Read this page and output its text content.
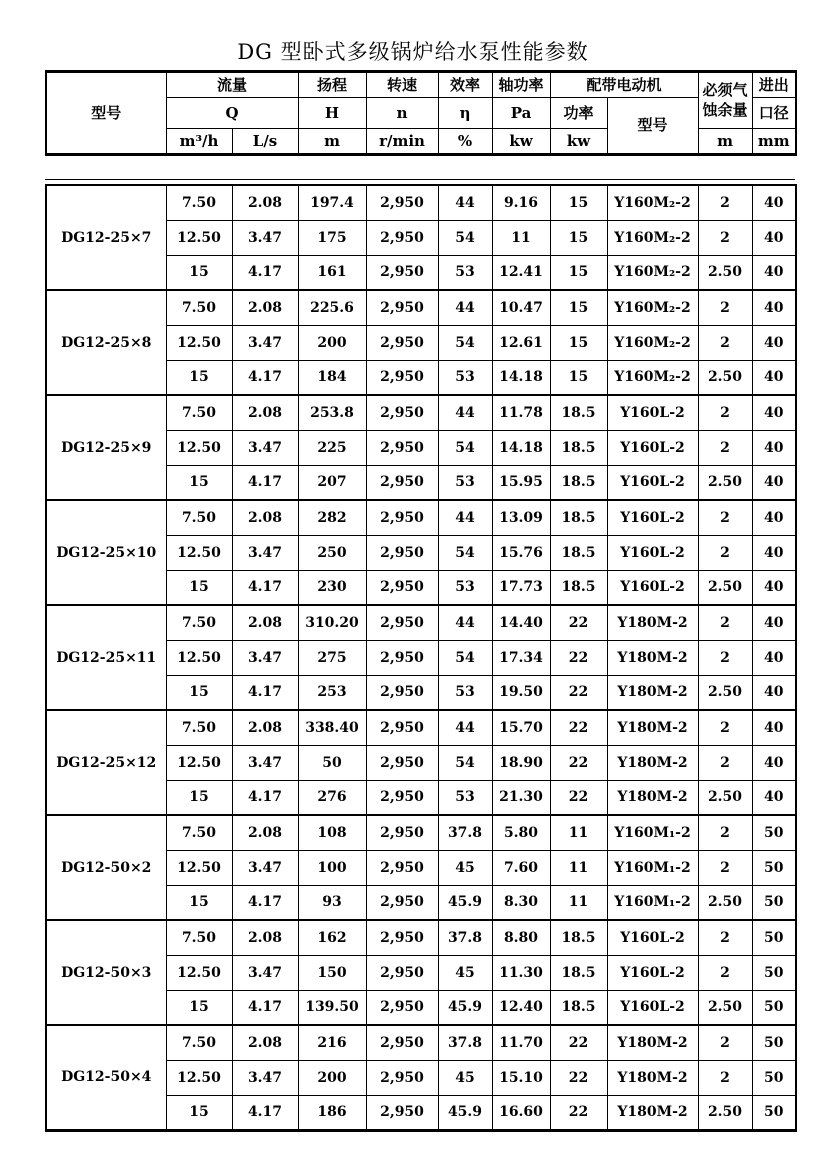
DG 型卧式多级锅炉给水泵性能参数
型号	流量		扬程	转速	效率	轴功率	配带电动机		必须气蚀余量	进出
	Q		H	n	η	Pa	功率	型号		口径
	m³/h	L/s	m	r/min	%	kw	kw		m	mm
DG12-25×7	7.50	2.08	197.4	2,950	44	9.16	15	Y160M₂-2	2	40
	12.50	3.47	175	2,950	54	11	15	Y160M₂-2	2	40
	15	4.17	161	2,950	53	12.41	15	Y160M₂-2	2.50	40
DG12-25×8	7.50	2.08	225.6	2,950	44	10.47	15	Y160M₂-2	2	40
	12.50	3.47	200	2,950	54	12.61	15	Y160M₂-2	2	40
	15	4.17	184	2,950	53	14.18	15	Y160M₂-2	2.50	40
DG12-25×9	7.50	2.08	253.8	2,950	44	11.78	18.5	Y160L-2	2	40
	12.50	3.47	225	2,950	54	14.18	18.5	Y160L-2	2	40
	15	4.17	207	2,950	53	15.95	18.5	Y160L-2	2.50	40
DG12-25×10	7.50	2.08	282	2,950	44	13.09	18.5	Y160L-2	2	40
	12.50	3.47	250	2,950	54	15.76	18.5	Y160L-2	2	40
	15	4.17	230	2,950	53	17.73	18.5	Y160L-2	2.50	40
DG12-25×11	7.50	2.08	310.20	2,950	44	14.40	22	Y180M-2	2	40
	12.50	3.47	275	2,950	54	17.34	22	Y180M-2	2	40
	15	4.17	253	2,950	53	19.50	22	Y180M-2	2.50	40
DG12-25×12	7.50	2.08	338.40	2,950	44	15.70	22	Y180M-2	2	40
	12.50	3.47	50	2,950	54	18.90	22	Y180M-2	2	40
	15	4.17	276	2,950	53	21.30	22	Y180M-2	2.50	40
DG12-50×2	7.50	2.08	108	2,950	37.8	5.80	11	Y160M₁-2	2	50
	12.50	3.47	100	2,950	45	7.60	11	Y160M₁-2	2	50
	15	4.17	93	2,950	45.9	8.30	11	Y160M₁-2	2.50	50
DG12-50×3	7.50	2.08	162	2,950	37.8	8.80	18.5	Y160L-2	2	50
	12.50	3.47	150	2,950	45	11.30	18.5	Y160L-2	2	50
	15	4.17	139.50	2,950	45.9	12.40	18.5	Y160L-2	2.50	50
DG12-50×4	7.50	2.08	216	2,950	37.8	11.70	22	Y180M-2	2	50
	12.50	3.47	200	2,950	45	15.10	22	Y180M-2	2	50
	15	4.17	186	2,950	45.9	16.60	22	Y180M-2	2.50	50
